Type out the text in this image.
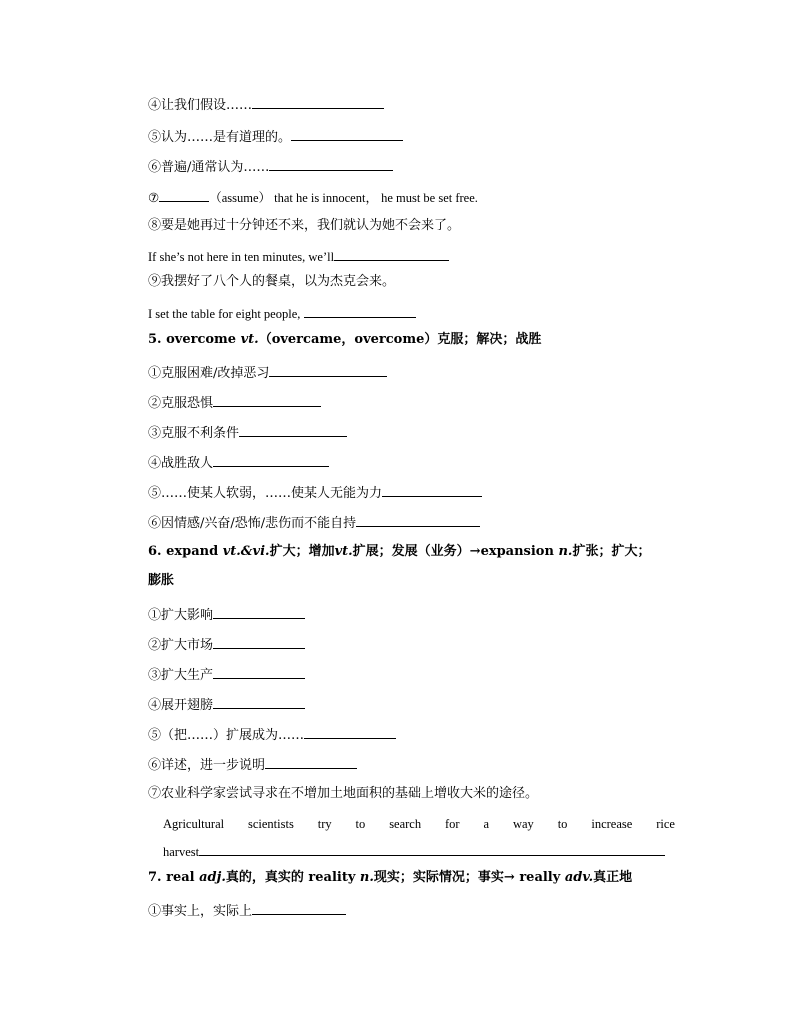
④让我们假设……
⑤认为……是有道理的。
⑥普遍/通常认为……
⑦	（assume） that he is innocent， he must be set free.
⑧要是她再过十分钟还不来，我们就认为她不会来了。
If she’s not here in ten minutes, we’ll
⑨我摆好了八个人的餐桌，以为杰克会来。
I set the table for eight people,
5. overcome vt.（overcame，overcome）克服；解决；战胜
①克服困难/改掉恶习
②克服恐惧
③克服不利条件
④战胜敌人
⑤……使某人软弱，……使某人无能为力
⑥因情感/兴奋/恐怖/悲伤而不能自持
6. expand vt.&vi.扩大；增加vt.扩展；发展（业务）→expansion n.扩张；扩大；
膨胀
①扩大影响
②扩大市场
③扩大生产
④展开翅膀
⑤（把……）扩展成为……
⑥详述，进一步说明
⑦农业科学家尝试寻求在不增加土地面积的基础上增收大米的途径。
Agricultural scientists try to search for a way to increase rice
harvest
7. real adj.真的，真实的 reality n.现实；实际情况；事实→ really adv.真正地
①事实上，实际上
